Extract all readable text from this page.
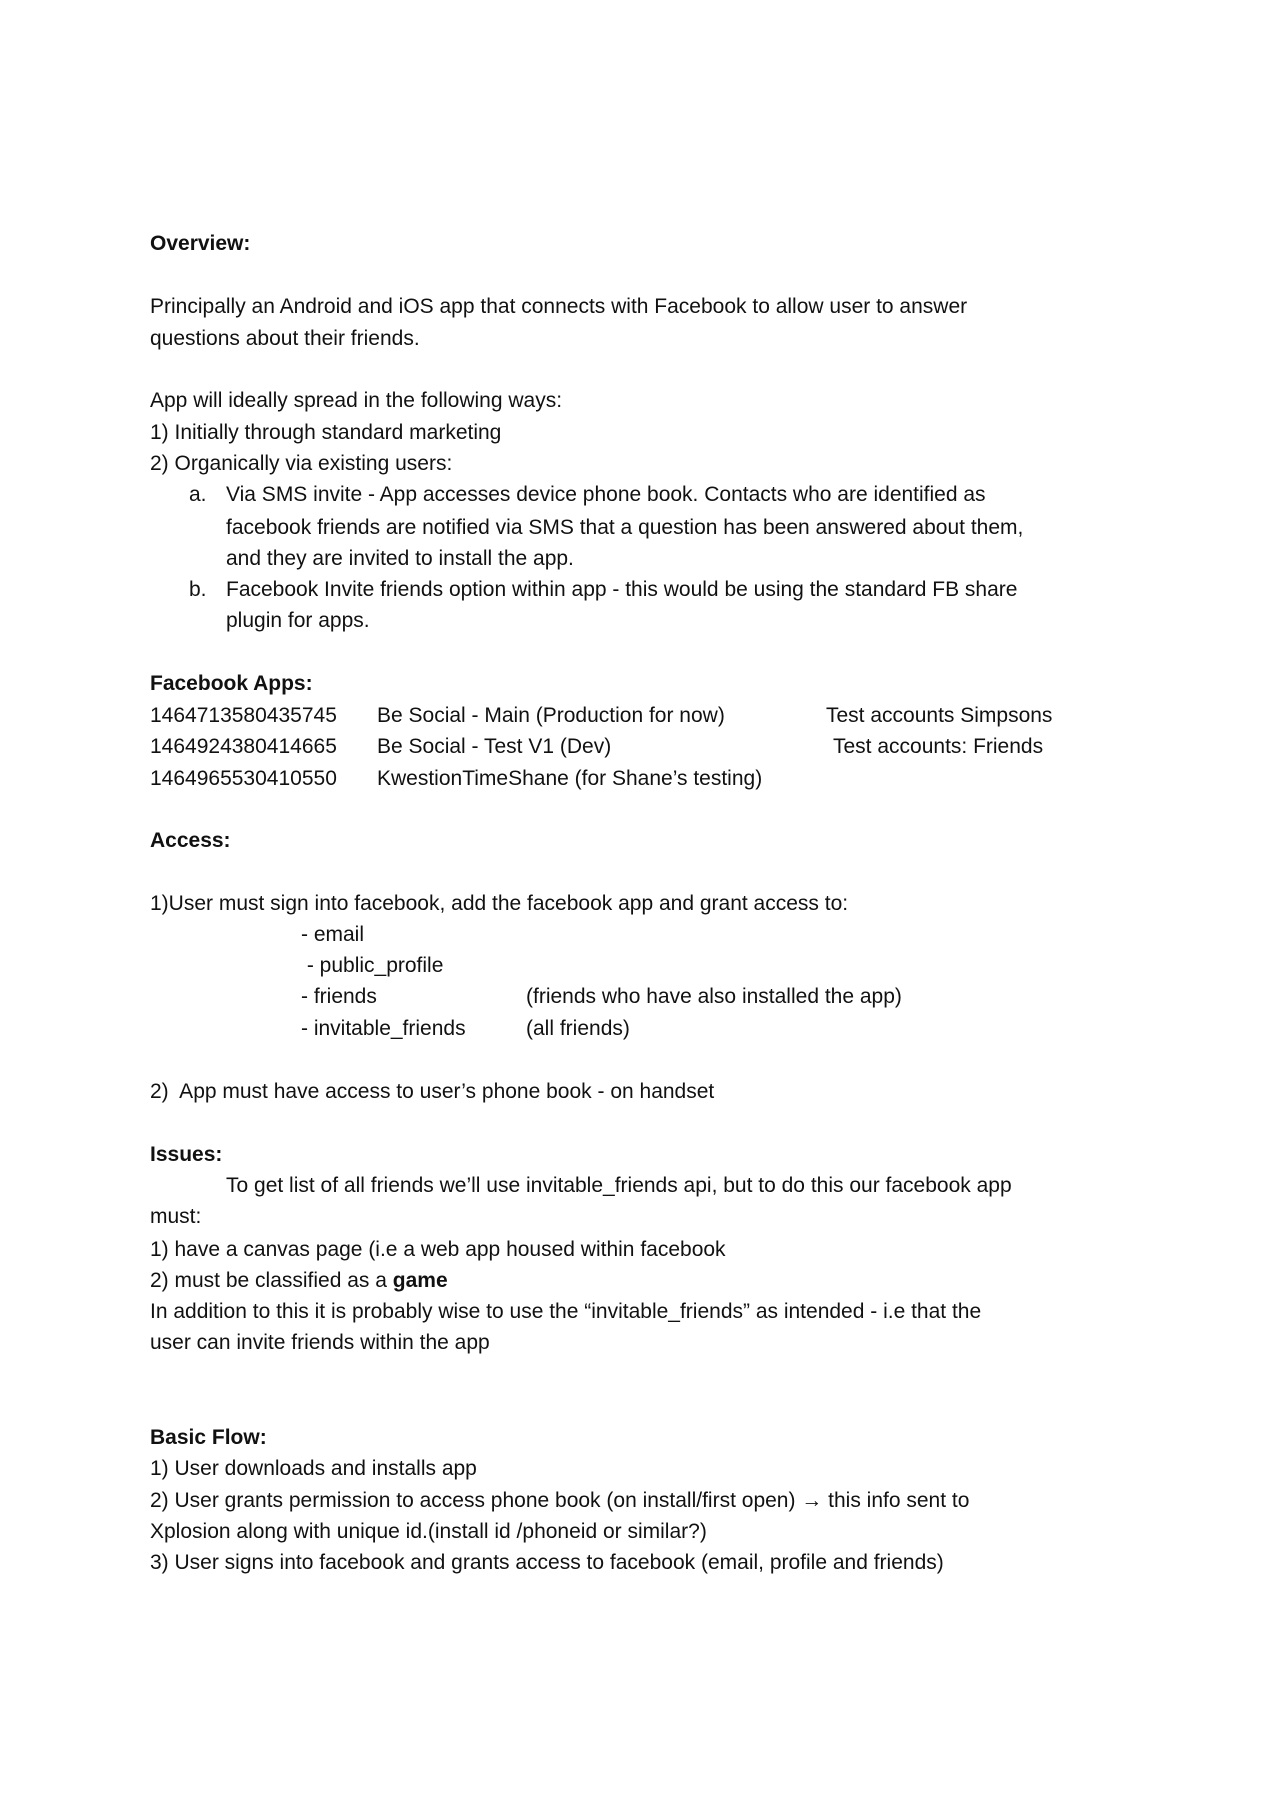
Overview:
Principally an Android and iOS app that connects with Facebook to allow user to answer
questions about their friends.
App will ideally spread in the following ways:
1) Initially through standard marketing
2) Organically via existing users:
a. Via SMS invite - App accesses device phone book. Contacts who are identified as
facebook friends are notified via SMS that a question has been answered about them,
and they are invited to install the app.
b. Facebook Invite friends option within app - this would be using the standard FB share
plugin for apps.
Facebook Apps:
1464713580435745 Be Social - Main (Production for now)	Test accounts Simpsons
1464924380414665 Be Social - Test V1 (Dev)	Test accounts: Friends
1464965530410550 KwestionTimeShane (for Shane’s testing)
Access:
1)User must sign into facebook, add the facebook app and grant access to:
- email
- public_profile
- friends	(friends who have also installed the app)
- invitable_friends	(all friends)
2)  App must have access to user’s phone book - on handset
Issues:
To get list of all friends we’ll use invitable_friends api, but to do this our facebook app
must:
1) have a canvas page (i.e a web app housed within facebook
2) must be classified as a game
In addition to this it is probably wise to use the “invitable_friends” as intended - i.e that the
user can invite friends within the app
Basic Flow:
1) User downloads and installs app
2) User grants permission to access phone book (on install/first open) → this info sent to
Xplosion along with unique id.(install id /phoneid or similar?)
3) User signs into facebook and grants access to facebook (email, profile and friends)
